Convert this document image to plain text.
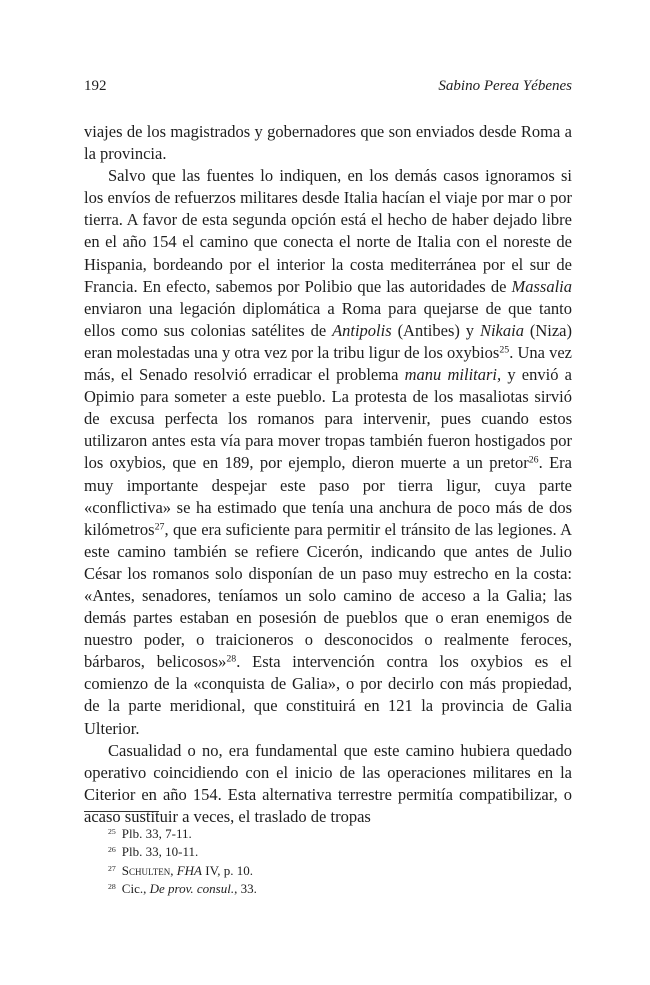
192	Sabino Perea Yébenes

viajes de los magistrados y gobernadores que son enviados desde Roma a la provincia.

Salvo que las fuentes lo indiquen, en los demás casos ignoramos si los envíos de refuerzos militares desde Italia hacían el viaje por mar o por tierra. A favor de esta segunda opción está el hecho de haber dejado libre en el año 154 el camino que conecta el norte de Italia con el noreste de Hispania, bordeando por el interior la costa mediterránea por el sur de Francia. En efecto, sabemos por Polibio que las autoridades de Massalia enviaron una legación diplomática a Roma para quejarse de que tanto ellos como sus colonias satélites de Antipolis (Antibes) y Nikaia (Niza) eran molestadas una y otra vez por la tribu ligur de los oxybios$^{25}$. Una vez más, el Senado resolvió erradicar el problema manu militari, y envió a Opimio para someter a este pueblo. La protesta de los masaliotas sirvió de excusa perfecta los romanos para intervenir, pues cuando estos utilizaron antes esta vía para mover tropas también fueron hostigados por los oxybios, que en 189, por ejemplo, dieron muerte a un pretor$^{26}$. Era muy importante despejar este paso por tierra ligur, cuya parte «conflictiva» se ha estimado que tenía una anchura de poco más de dos kilómetros$^{27}$, que era suficiente para permitir el tránsito de las legiones. A este camino también se refiere Cicerón, indicando que antes de Julio César los romanos solo disponían de un paso muy estrecho en la costa: «Antes, senadores, teníamos un solo camino de acceso a la Galia; las demás partes estaban en posesión de pueblos que o eran enemigos de nuestro poder, o traicioneros o desconocidos o realmente feroces, bárbaros, belicosos»$^{28}$. Esta intervención contra los oxybios es el comienzo de la «conquista de Galia», o por decirlo con más propiedad, de la parte meridional, que constituirá en 121 la provincia de Galia Ulterior.

Casualidad o no, era fundamental que este camino hubiera quedado operativo coincidiendo con el inicio de las operaciones militares en la Citerior en año 154. Esta alternativa terrestre permitía compatibilizar, o acaso sustituir a veces, el traslado de tropas

$^{25}$ Plb. 33, 7-11.
$^{26}$ Plb. 33, 10-11.
$^{27}$ Schulten, FHA IV, p. 10.
$^{28}$ Cic., De prov. consul., 33.
